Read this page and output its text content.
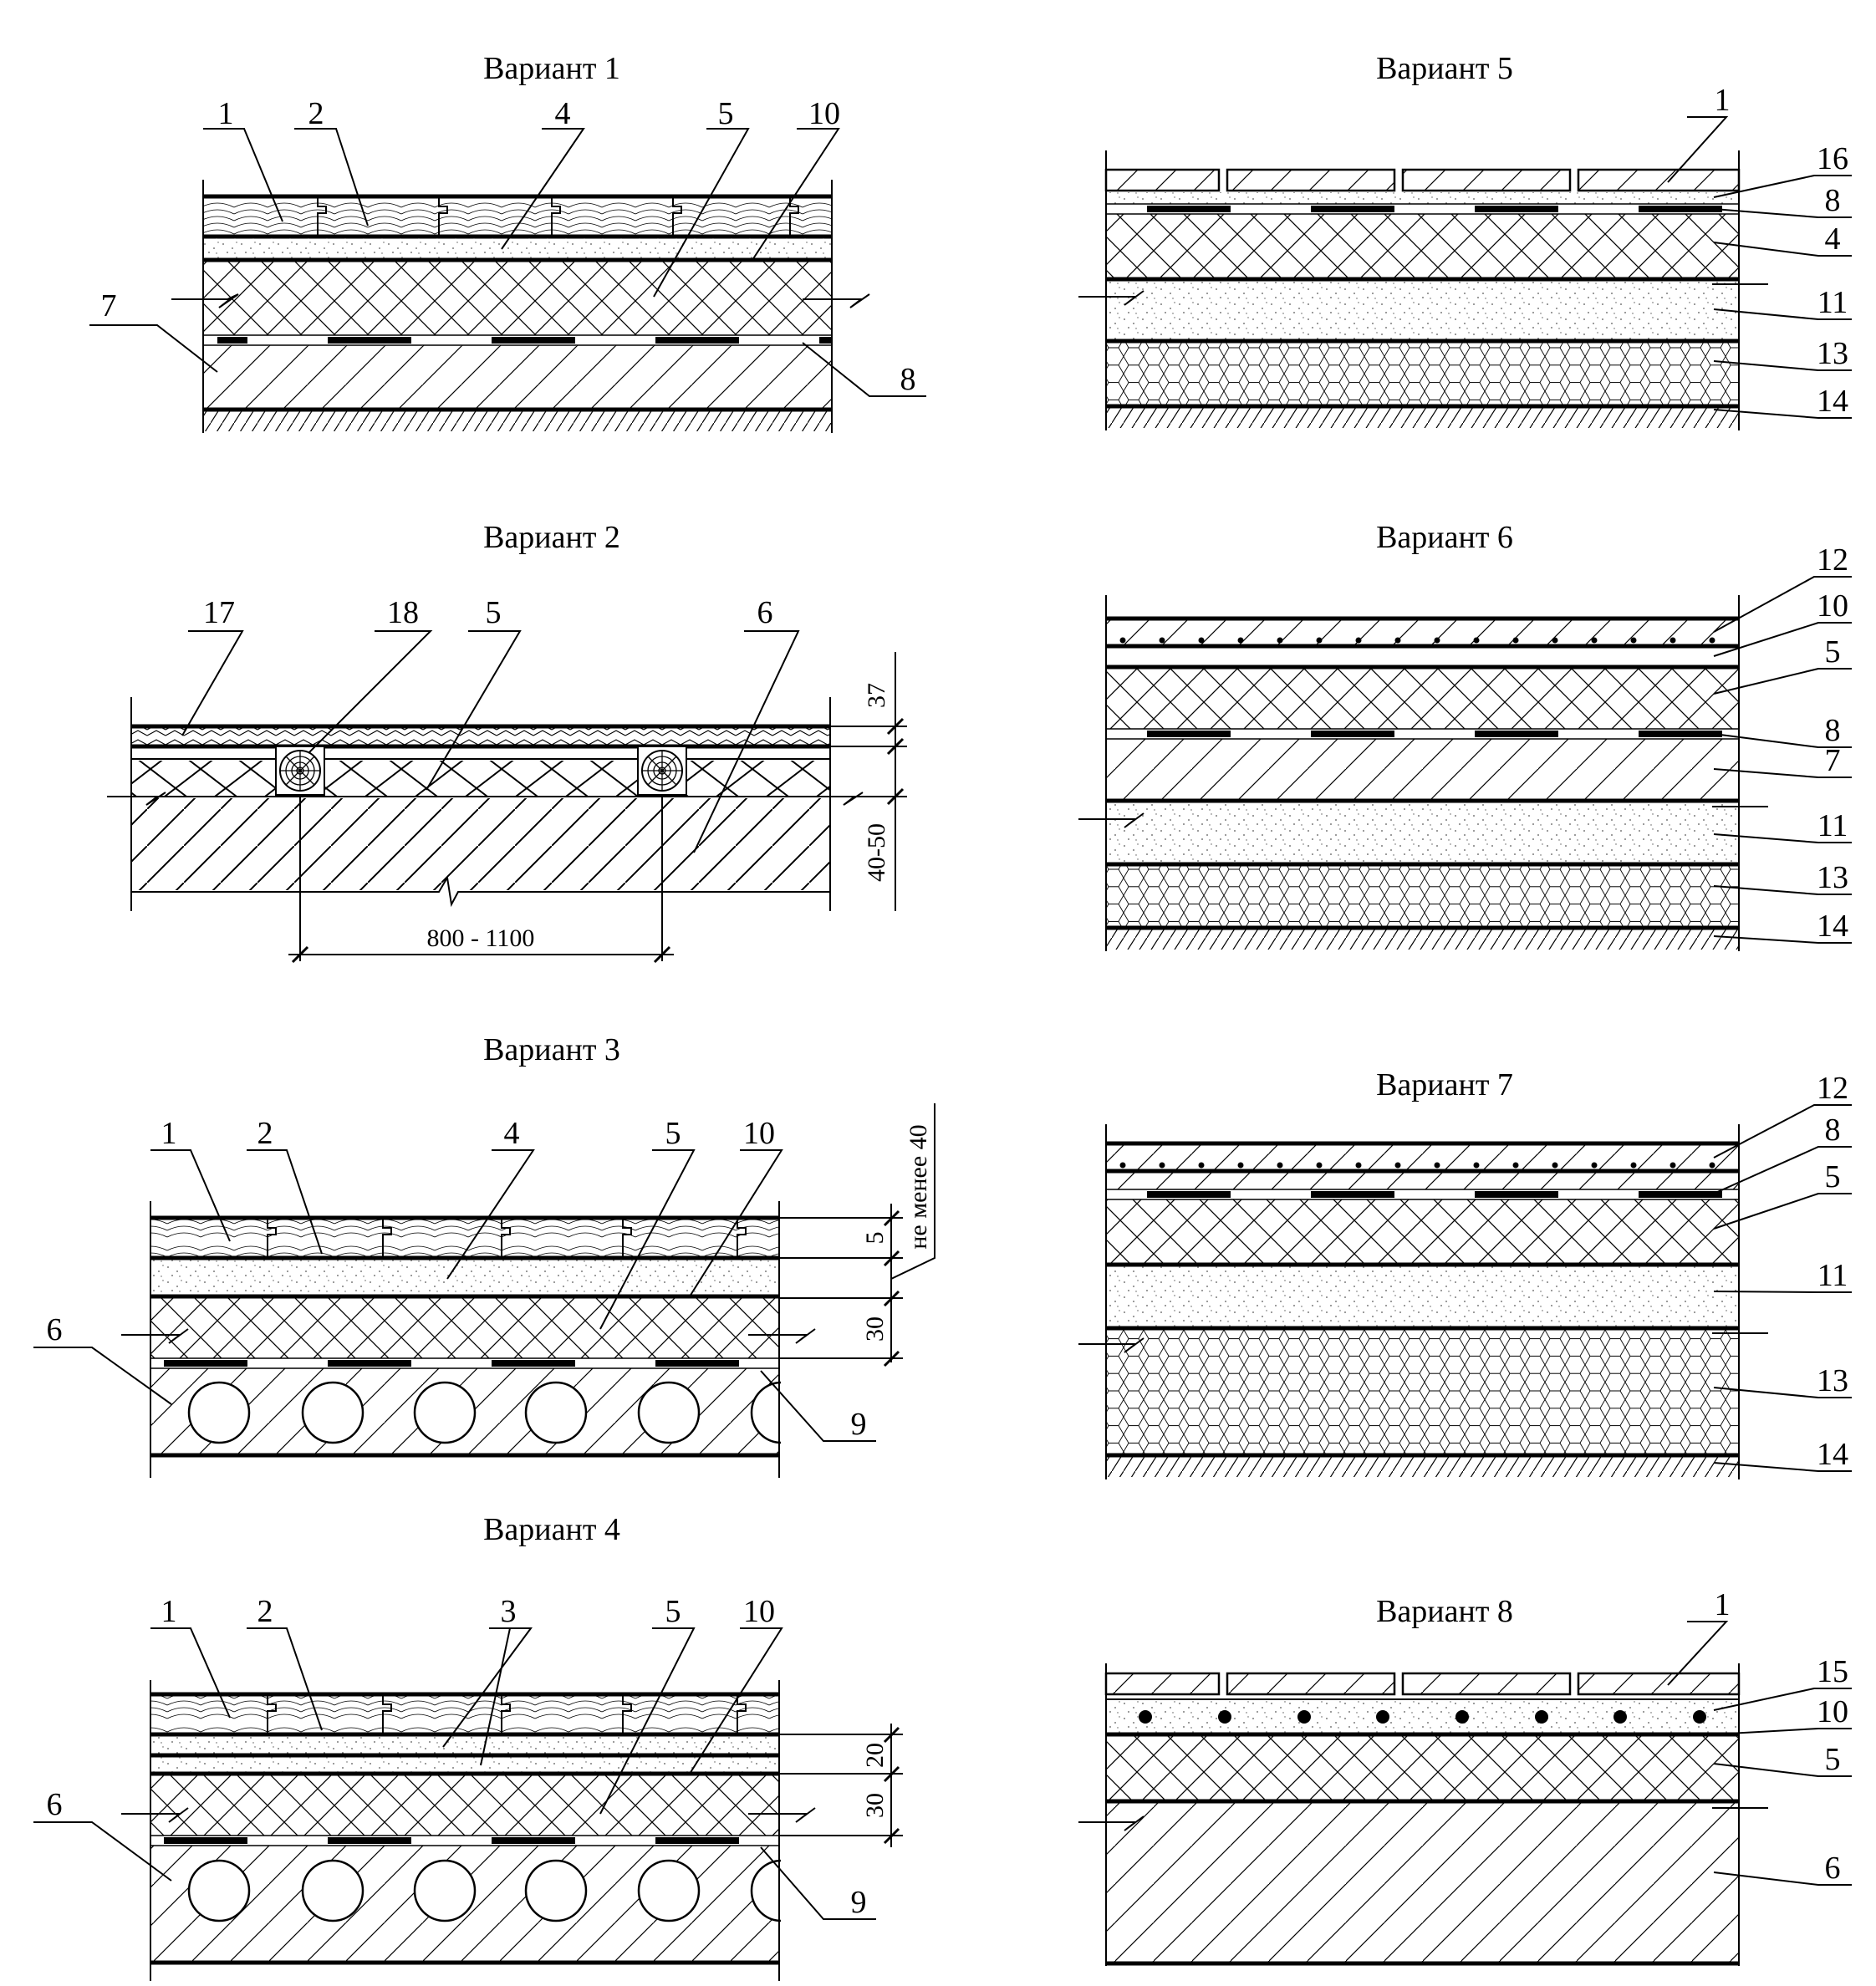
Вариант 1
1 2	4	5 10
7
8
Вариант 2
17	18 5	6
37
40-50
800 - 1100
Вариант 3
1	2	4	5 10
6
9
5
30
не менее 40
Вариант 4
1	2	3	5 10
6
9
20
30
Вариант 5
1
16
8
4
11
13
14
Вариант 6
12
10
5
8
7
11
13
14
Вариант 7	12
8
5
11
13
14
Вариант 8	1
15
10
5
6
